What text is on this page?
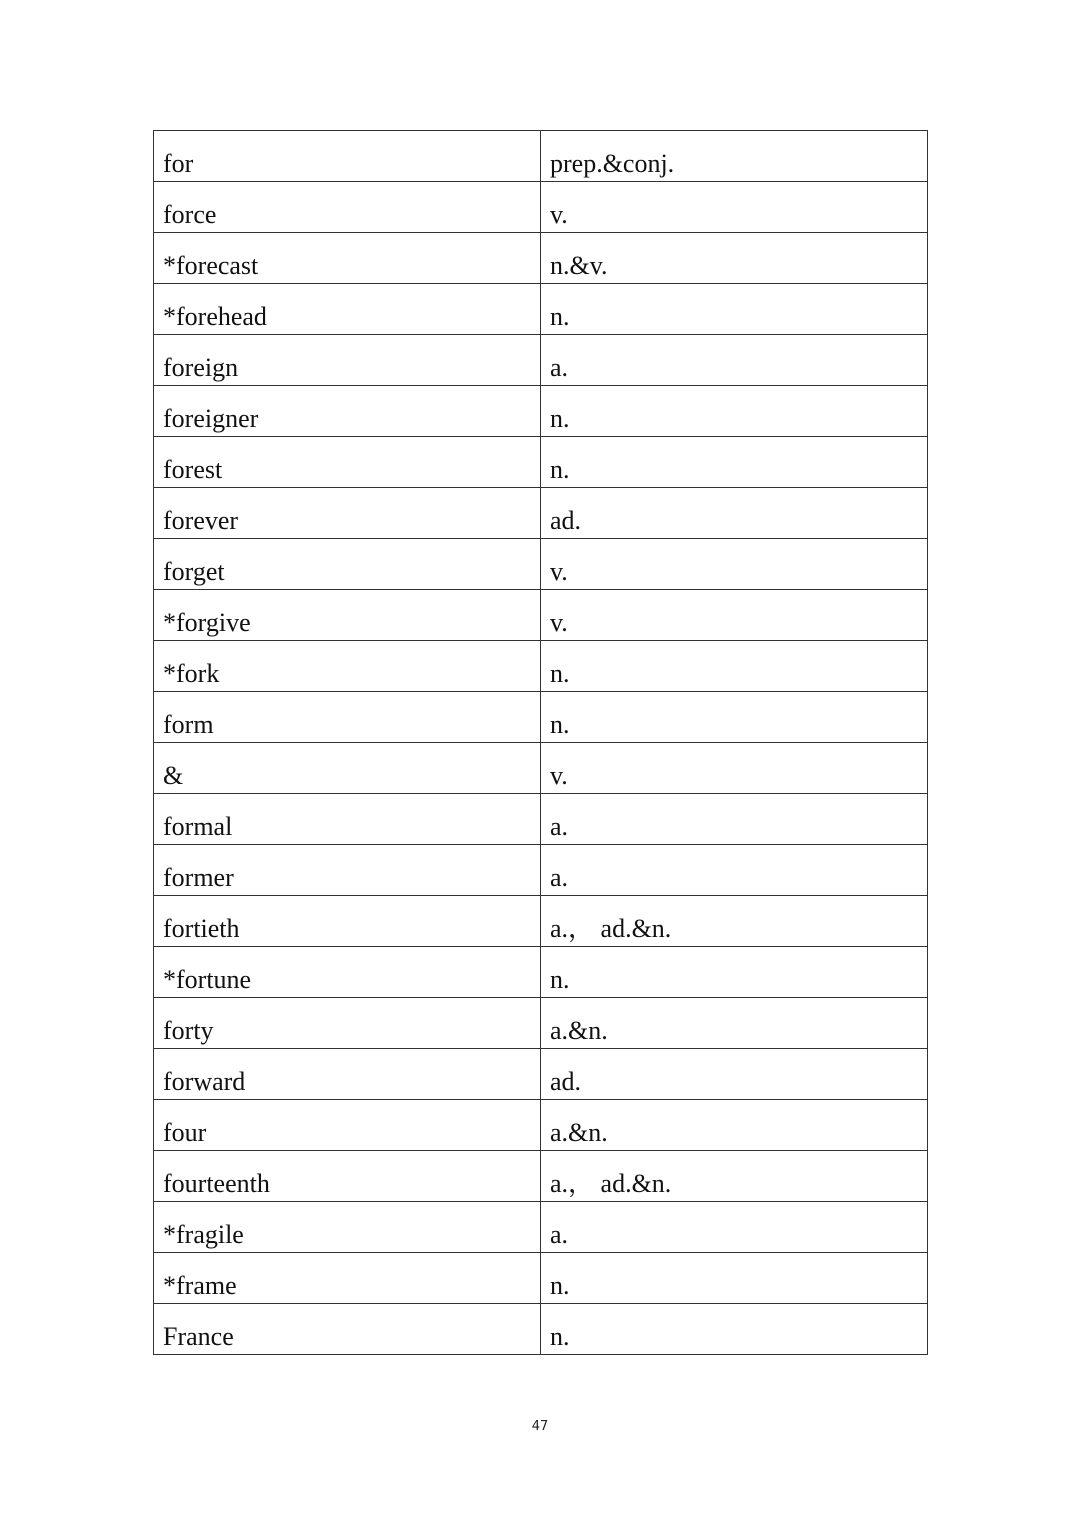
for	prep.&conj.
force	v.
*forecast	n.&v.
*forehead	n.
foreign	a.
foreigner	n.
forest	n.
forever	ad.
forget	v.
*forgive	v.
*fork	n.
form	n.
&	v.
formal	a.
former	a.
fortieth	a.， ad.&n.
*fortune	n.
forty	a.&n.
forward	ad.
four	a.&n.
fourteenth	a.， ad.&n.
*fragile	a.
*frame	n.
France	n.
47
